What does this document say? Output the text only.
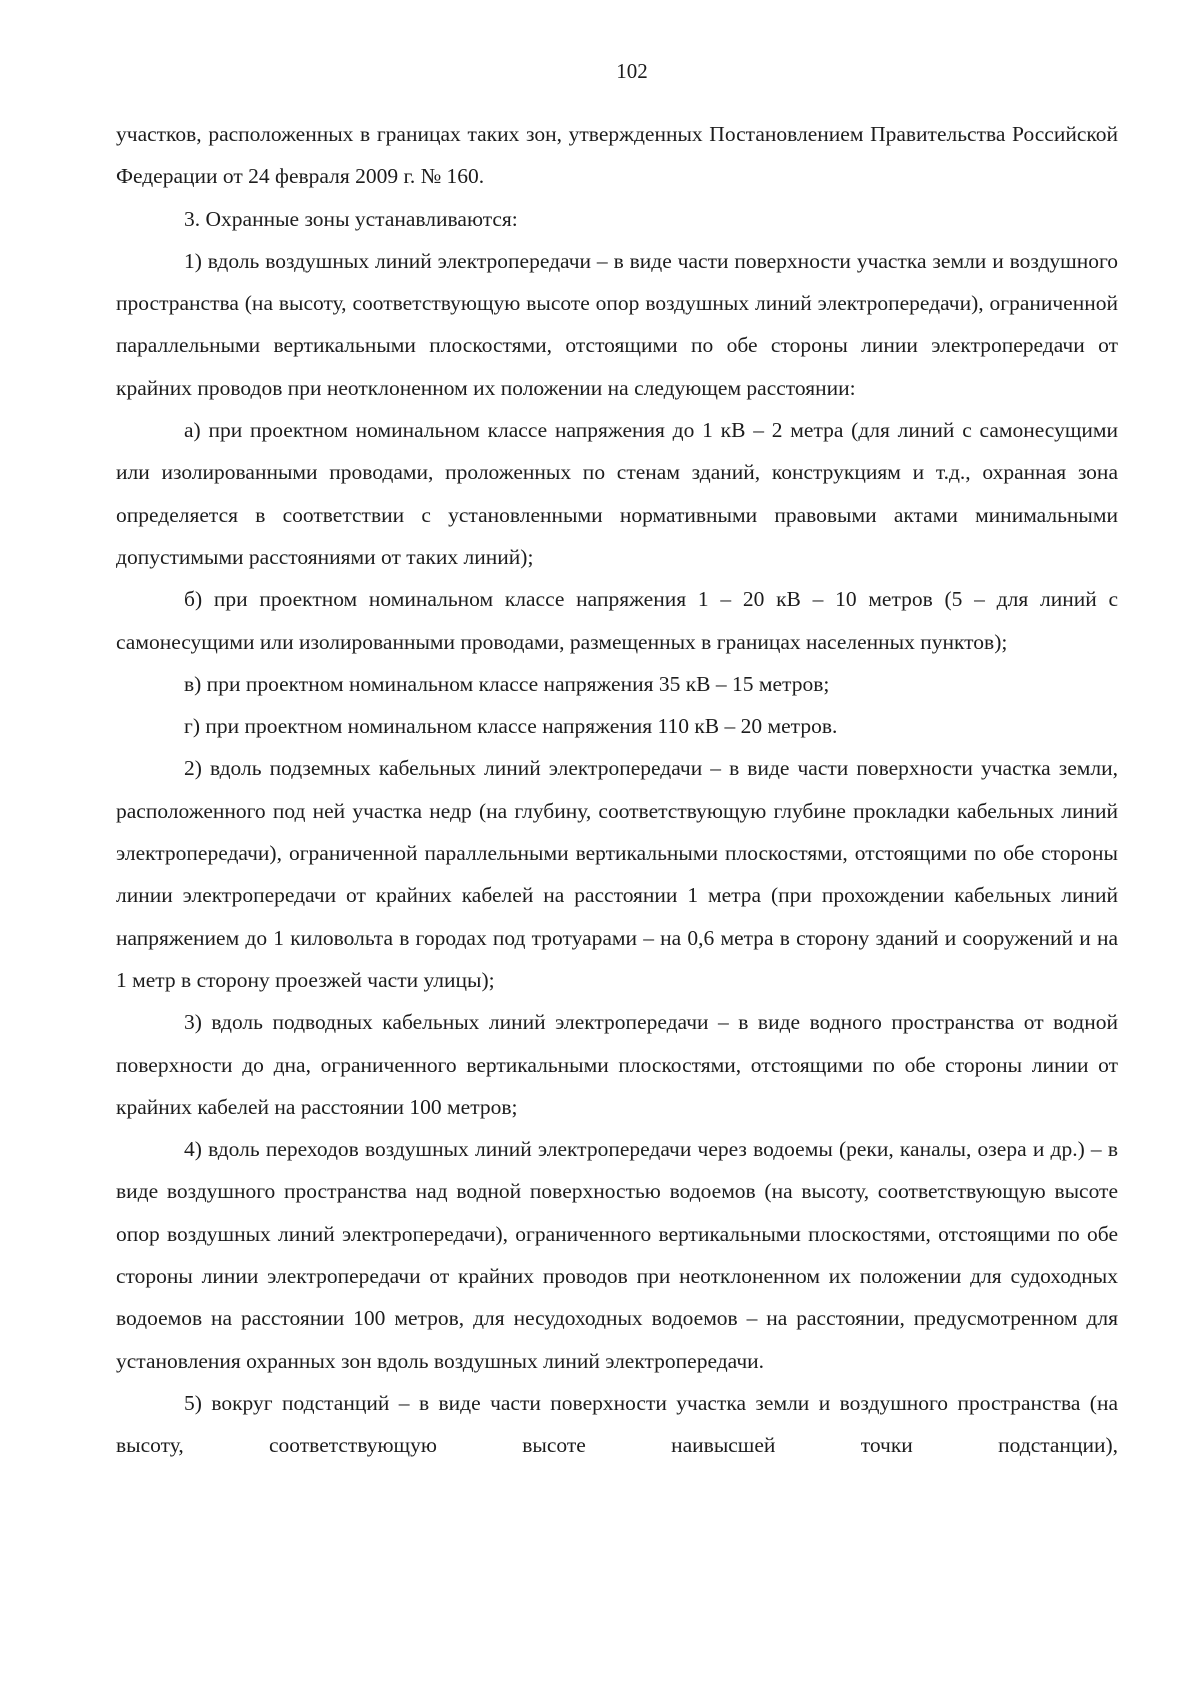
102

участков, расположенных в границах таких зон, утвержденных Постановлением Правительства Российской Федерации от 24 февраля 2009 г. № 160.

3. Охранные зоны устанавливаются:

1) вдоль воздушных линий электропередачи – в виде части поверхности участка земли и воздушного пространства (на высоту, соответствующую высоте опор воздушных линий электропередачи), ограниченной параллельными вертикальными плоскостями, отстоящими по обе стороны линии электропередачи от крайних проводов при неотклоненном их положении на следующем расстоянии:

а) при проектном номинальном классе напряжения до 1 кВ – 2 метра (для линий с самонесущими или изолированными проводами, проложенных по стенам зданий, конструкциям и т.д., охранная зона определяется в соответствии с установленными нормативными правовыми актами минимальными допустимыми расстояниями от таких линий);

б) при проектном номинальном классе напряжения 1 – 20 кВ – 10 метров (5 – для линий с самонесущими или изолированными проводами, размещенных в границах населенных пунктов);

в) при проектном номинальном классе напряжения 35 кВ – 15 метров;

г) при проектном номинальном классе напряжения 110 кВ – 20 метров.

2) вдоль подземных кабельных линий электропередачи – в виде части поверхности участка земли, расположенного под ней участка недр (на глубину, соответствующую глубине прокладки кабельных линий электропередачи), ограниченной параллельными вертикальными плоскостями, отстоящими по обе стороны линии электропередачи от крайних кабелей на расстоянии 1 метра (при прохождении кабельных линий напряжением до 1 киловольта в городах под тротуарами – на 0,6 метра в сторону зданий и сооружений и на 1 метр в сторону проезжей части улицы);

3) вдоль подводных кабельных линий электропередачи – в виде водного пространства от водной поверхности до дна, ограниченного вертикальными плоскостями, отстоящими по обе стороны линии от крайних кабелей на расстоянии 100 метров;

4) вдоль переходов воздушных линий электропередачи через водоемы (реки, каналы, озера и др.) – в виде воздушного пространства над водной поверхностью водоемов (на высоту, соответствующую высоте опор воздушных линий электропередачи), ограниченного вертикальными плоскостями, отстоящими по обе стороны линии электропередачи от крайних проводов при неотклоненном их положении для судоходных водоемов на расстоянии 100 метров, для несудоходных водоемов – на расстоянии, предусмотренном для установления охранных зон вдоль воздушных линий электропередачи.

5) вокруг подстанций – в виде части поверхности участка земли и воздушного пространства (на высоту, соответствующую высоте наивысшей точки подстанции),
